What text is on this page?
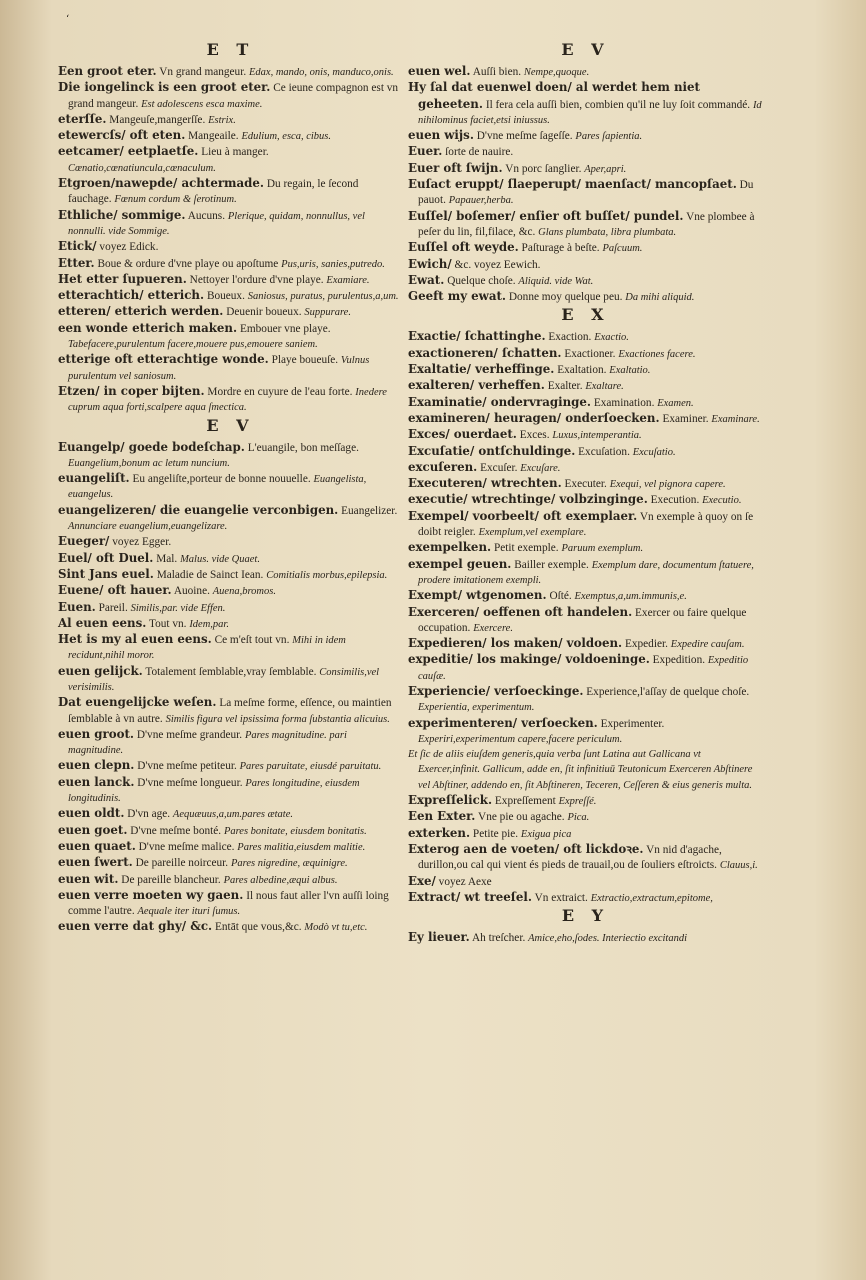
‘
E T

Een groot eter. Vn grand mangeur. Edax, mando, onis, manduco,onis.

Die iongelinck is een groot eter. Ce ieune compagnon est vn grand mangeur. Est adolescens esca maxime.

eterſſe. Mangeuſe,mangerſſe. Estrix.

etewercſs/ oft eten. Mangeaile. Edulium, esca, cibus.

eetcamer/ eetplaetſe. Lieu à manger. Cœnatio,cœnatiuncula,cœnaculum.

Etgroen/nawepde/ achtermade. Du regain, le ſecond fauchage. Fœnum cordum & ſerotinum.

Ethliche/ sommige. Aucuns. Plerique, quidam, nonnullus, vel nonnulli. vide Sommige.

Etick/ voyez Edick.

Etter. Boue & ordure d'vne playe ou apoſtume Pus,uris, sanies,putredo.

Het etter ſupueren. Nettoyer l'ordure d'vne playe. Examiare.

etterachtich/ etterich. Boueux. Saniosus, puratus, purulentus,a,um.

etteren/ etterich werden. Deuenir boueux. Suppurare.

een wonde etterich maken. Embouer vne playe. Tabefacere,purulentum facere,mouere pus,emouere saniem.

etterige oft etterachtige wonde. Playe boueuſe. Vulnus purulentum vel saniosum.

Etzen/ in coper bijten. Mordre en cuyure de l'eau forte. Inedere cuprum aqua forti,scalpere aqua ſmectica.

E V

Euangelp/ goede bodeſchap. L'euangile, bon meſſage. Euangelium,bonum ac letum nuncium.

euangeliſt. Eu angeliſte,porteur de bonne nouuelle. Euangelista, euangelus.

euangelizeren/ die euangelie verconbigen. Euangelizer. Annunciare euangelium,euangelizare.

Eueger/ voyez Egger.

Euel/ oft Duel. Mal. Malus. vide Quaet.

Sint Jans euel. Maladie de Sainct Iean. Comitialis morbus,epilepsia.

Euene/ oft hauer. Auoine. Auena,bromos.

Euen. Pareil. Similis,par. vide Effen.

Al euen eens. Tout vn. Idem,par.

Het is my al euen eens. Ce m'eſt tout vn. Mihi in idem recidunt,nihil moror.

euen gelijck. Totalement ſemblable,vray ſemblable. Consimilis,vel verisimilis.

Dat euengelijcke weſen. La meſme forme, eſſence, ou maintien ſemblable à vn autre. Similis figura vel ipsissima forma ſubstantia alicuius.

euen groot. D'vne meſme grandeur. Pares magnitudine. pari magnitudine.

euen clepn. D'vne meſme petiteur. Pares paruitate, eiusdé paruitatu.

euen lanck. D'vne meſme longueur. Pares longitudine, eiusdem longitudinis.

euen oldt. D'vn age. Aequæuus,a,um.pares ætate.

euen goet. D'vne meſme bonté. Pares bonitate, eiusdem bonitatis.

euen quaet. D'vne meſme malice. Pares malitia,eiusdem malitie.

euen ſwert. De pareille noirceur. Pares nigredine, æquinigre.

euen wit. De pareille blancheur. Pares albedine,æqui albus.

euen verre moeten wy gaen. Il nous faut aller l'vn auſſi loing comme l'autre. Aequale iter ituri ſumus.

euen verre dat ghy/ &c. Entāt que vous,&c. Modò vt tu,etc.

E V

euen wel. Auſſi bien. Nempe,quoque.

Hy ſal dat euenwel doen/ al werdet hem niet geheeten. Il fera cela auſſi bien, combien qu'il ne luy ſoit commandé. Id nihilominus faciet,etsi iniussus.

euen wijs. D'vne meſme ſageſſe. Pares ſapientia.

Euer. ſorte de nauire.

Euer oft ſwijn. Vn porc ſanglier. Aper,apri.

Euſact eruppt/ ſlaeperupt/ maenſact/ mancopſaet. Du pauot. Papauer,herba.

Euſſel/ boſemer/ enſier oft buſſet/ pundel. Vne plombee à peſer du lin, fil,filace, &c. Glans plumbata, libra plumbata.

Euſſel oft weyde. Paſturage à beſte. Paſcuum.

Ewich/ &c. voyez Eewich.

Ewat. Quelque choſe. Aliquid. vide Wat.

Geeft my ewat. Donne moy quelque peu. Da mihi aliquid.

E X

Exactie/ ſchattinghe. Exaction. Exactio.

exactioneren/ ſchatten. Exactioner. Exactiones facere.

Exaltatie/ verheffinge. Exaltation. Exaltatio.

exalteren/ verheffen. Exalter. Exaltare.

Examinatie/ ondervraginge. Examination. Examen.

examineren/ heuragen/ onderſoecken. Examiner. Examinare.

Exces/ ouerdaet. Exces. Luxus,intemperantia.

Excuſatie/ ontſchuldinge. Excuſation. Excuſatio.

excuſeren. Excuſer. Excuſare.

Executeren/ wtrechten. Executer. Exequi, vel pignora capere.

executie/ wtrechtinge/ volbzinginge. Execution. Executio.

Exempel/ voorbeelt/ oft exemplaer. Vn exemple à quoy on ſe doibt reigler. Exemplum,vel exemplare.

exempelken. Petit exemple. Paruum exemplum.

exempel geuen. Bailler exemple. Exemplum dare, documentum ſtatuere, prodere imitationem exempli.

Exempt/ wtgenomen. Oſté. Exemptus,a,um.immunis,e.

Exerceren/ oeffenen oft handelen. Exercer ou faire quelque occupation. Exercere.

Expedieren/ los maken/ voldoen. Expedier. Expedire cauſam.

expeditie/ los makinge/ voldoeninge. Expedition. Expeditio cauſæ.

Experiencie/ verſoeckinge. Experience,l'aſſay de quelque choſe. Experientia, experimentum.

experimenteren/ verſoecken. Experimenter. Experiri,experimentum capere,facere periculum.

Et ſic de aliis eiuſdem generis,quia verba ſunt Latina aut Gallicana vt Exercer,infinit. Gallicum, adde en, ſit infinitiuū Teutonicum Exerceren Abſtinere vel Abſtiner, addendo en, ſit Abſtineren, Teceren, Ceſſeren & eius generis multa.

Expreſſelick. Expreſſement Expreſſé.

Een Exter. Vne pie ou agache. Pica.

exterken. Petite pie. Exigua pica

Exterog aen de voeten/ oft lickdoꝛe. Vn nid d'agache, durillon,ou cal qui vient és pieds de trauail,ou de ſouliers eſtroicts. Clauus,i.

Exe/ voyez Aexe

Extract/ wt treeſel. Vn extraict. Extractio,extractum,epitome,

E Y

Ey lieuer. Ah treſcher. Amice,eho,ſodes. Interiectio excitandi
